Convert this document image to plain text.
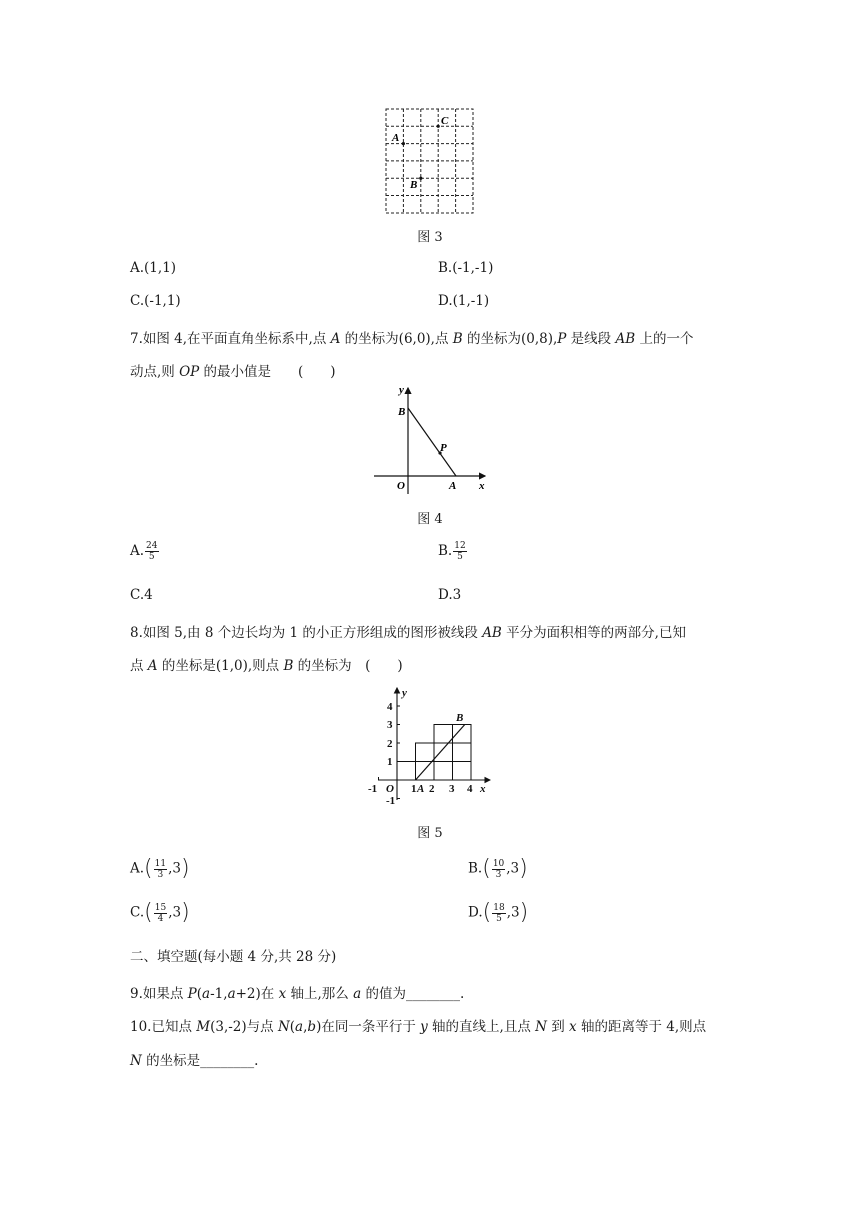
A
B
C
图 3
A.(1,1)	B.(-1,-1)
C.(-1,1)	D.(1,-1)
7.如图 4,在平面直角坐标系中,点 A 的坐标为(6,0),点 B 的坐标为(0,8),P 是线段 AB 上的一个
动点,则 OP 的最小值是　　(　　)
y
B
P
O	A x
图 4
A. $\frac{24}{5}$	B. $\frac{12}{5}$
C.4	D.3
8.如图 5,由 8 个边长均为 1 的小正方形组成的图形被线段 AB 平分为面积相等的两部分,已知
点 A 的坐标是(1,0),则点 B 的坐标为　(　　)
4
3
2
1
-1
-1 O 1 A 2 3 4 x
y
B
图 5
$A.( \frac{11}{3} ,3)$	$B.( \frac{10}{3} ,3)$
$C.( \frac{15}{4} ,3)$	$D.( \frac{18}{5} ,3)$
二、填空题(每小题 4 分,共 28 分)
9.如果点 P(a-1,a+2)在 x 轴上,那么 a 的值为________.
10.已知点 M(3,-2)与点 N(a,b)在同一条平行于 y 轴的直线上,且点 N 到 x 轴的距离等于 4,则点
N 的坐标是________.
